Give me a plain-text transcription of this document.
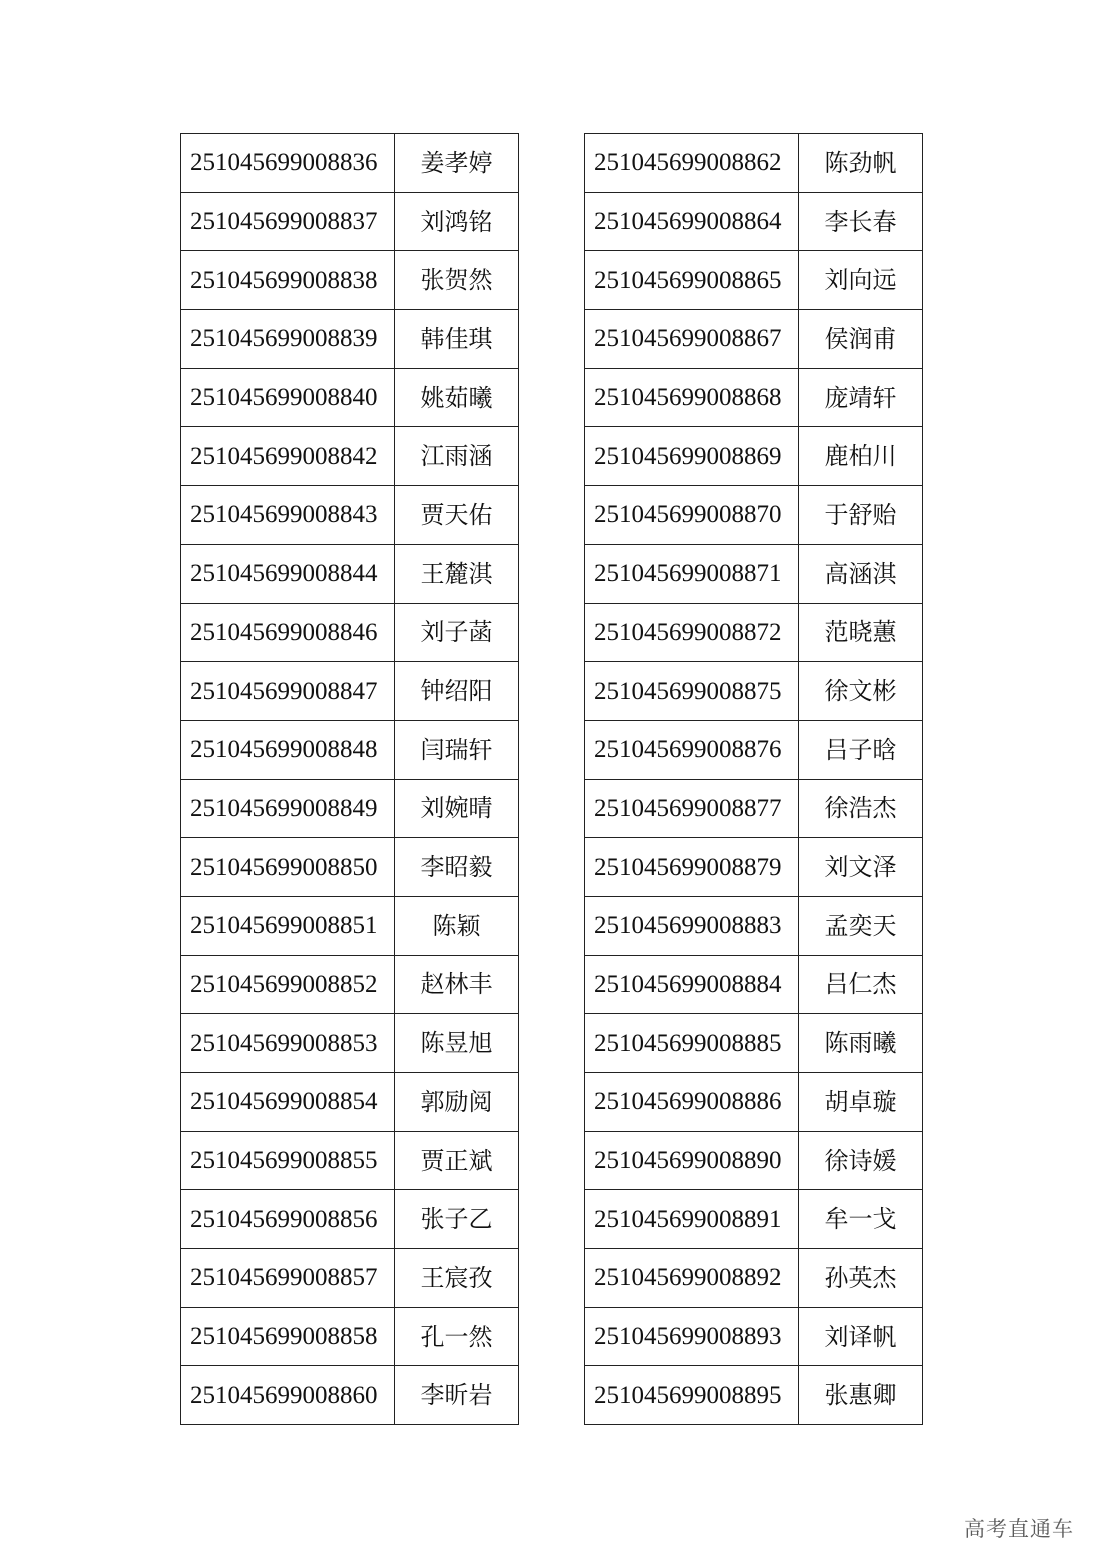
251045699008836	姜孝婷
251045699008837	刘鸿铭
251045699008838	张贺然
251045699008839	韩佳琪
251045699008840	姚茹曦
251045699008842	江雨涵
251045699008843	贾天佑
251045699008844	王麓淇
251045699008846	刘子菡
251045699008847	钟绍阳
251045699008848	闫瑞轩
251045699008849	刘婉晴
251045699008850	李昭毅
251045699008851	陈颖
251045699008852	赵林丰
251045699008853	陈昱旭
251045699008854	郭励阅
251045699008855	贾正斌
251045699008856	张子乙
251045699008857	王宸孜
251045699008858	孔一然
251045699008860	李昕岩
251045699008862	陈劲帆
251045699008864	李长春
251045699008865	刘向远
251045699008867	侯润甫
251045699008868	庞靖轩
251045699008869	鹿柏川
251045699008870	于舒贻
251045699008871	高涵淇
251045699008872	范晓蕙
251045699008875	徐文彬
251045699008876	吕子晗
251045699008877	徐浩杰
251045699008879	刘文泽
251045699008883	孟奕天
251045699008884	吕仁杰
251045699008885	陈雨曦
251045699008886	胡卓璇
251045699008890	徐诗媛
251045699008891	牟一戈
251045699008892	孙英杰
251045699008893	刘译帆
251045699008895	张惠卿
高考直通车
